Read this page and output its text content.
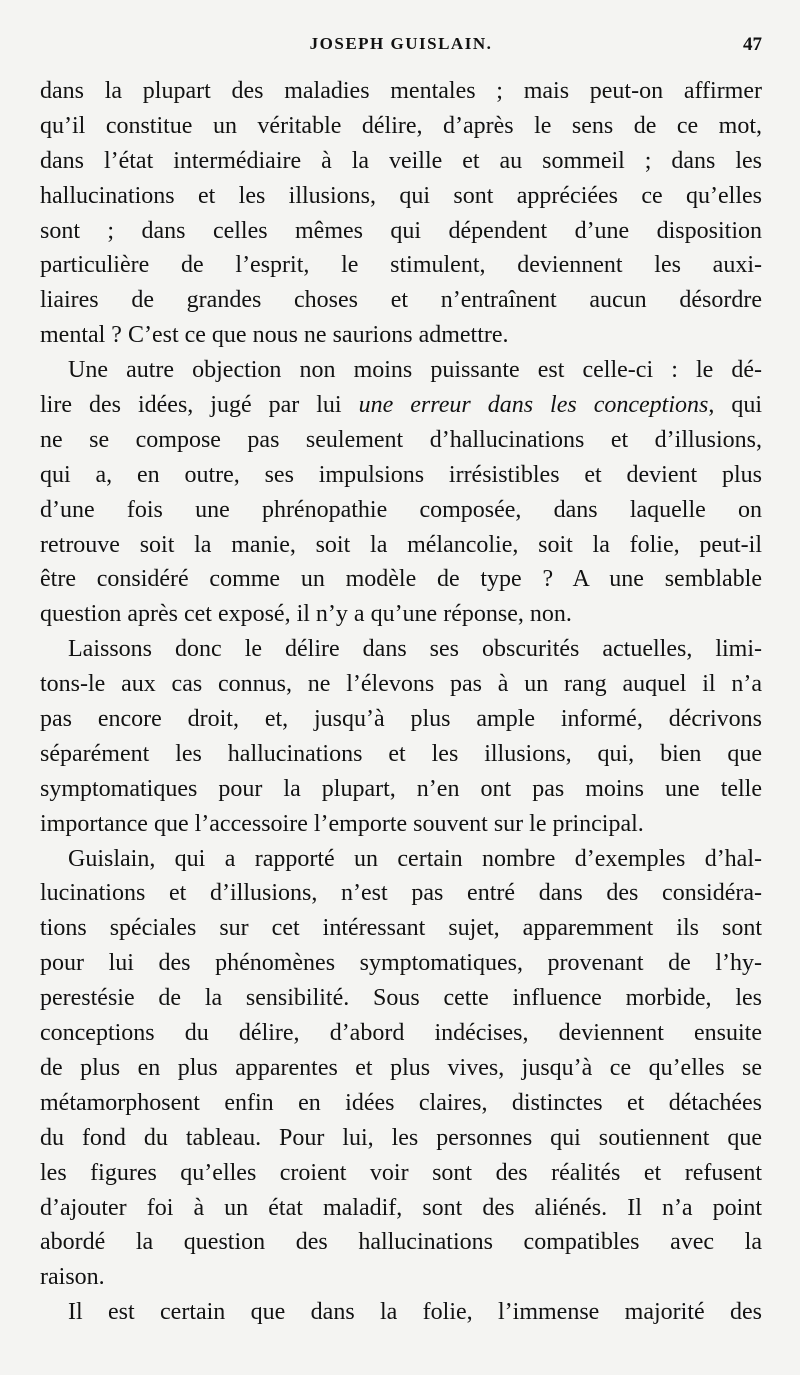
JOSEPH GUISLAIN.	47
dans la plupart des maladies mentales ; mais peut-on affirmer
qu’il constitue un véritable délire, d’après le sens de ce mot,
dans l’état intermédiaire à la veille et au sommeil ; dans les
hallucinations et les illusions, qui sont appréciées ce qu’elles
sont ; dans celles mêmes qui dépendent d’une disposition
particulière de l’esprit, le stimulent, deviennent les auxi-
liaires de grandes choses et n’entraînent aucun désordre
mental ? C’est ce que nous ne saurions admettre.
Une autre objection non moins puissante est celle-ci : le dé-
lire des idées, jugé par lui une erreur dans les conceptions, qui
ne se compose pas seulement d’hallucinations et d’illusions,
qui a, en outre, ses impulsions irrésistibles et devient plus
d’une fois une phrénopathie composée, dans laquelle on
retrouve soit la manie, soit la mélancolie, soit la folie, peut-il
être considéré comme un modèle de type ? A une semblable
question après cet exposé, il n’y a qu’une réponse, non.
Laissons donc le délire dans ses obscurités actuelles, limi-
tons-le aux cas connus, ne l’élevons pas à un rang auquel il n’a
pas encore droit, et, jusqu’à plus ample informé, décrivons
séparément les hallucinations et les illusions, qui, bien que
symptomatiques pour la plupart, n’en ont pas moins une telle
importance que l’accessoire l’emporte souvent sur le principal.
Guislain, qui a rapporté un certain nombre d’exemples d’hal-
lucinations et d’illusions, n’est pas entré dans des considéra-
tions spéciales sur cet intéressant sujet, apparemment ils sont
pour lui des phénomènes symptomatiques, provenant de l’hy-
perestésie de la sensibilité. Sous cette influence morbide, les
conceptions du délire, d’abord indécises, deviennent ensuite
de plus en plus apparentes et plus vives, jusqu’à ce qu’elles se
métamorphosent enfin en idées claires, distinctes et détachées
du fond du tableau. Pour lui, les personnes qui soutiennent que
les figures qu’elles croient voir sont des réalités et refusent
d’ajouter foi à un état maladif, sont des aliénés. Il n’a point
abordé la question des hallucinations compatibles avec la
raison.
Il est certain que dans la folie, l’immense majorité des
